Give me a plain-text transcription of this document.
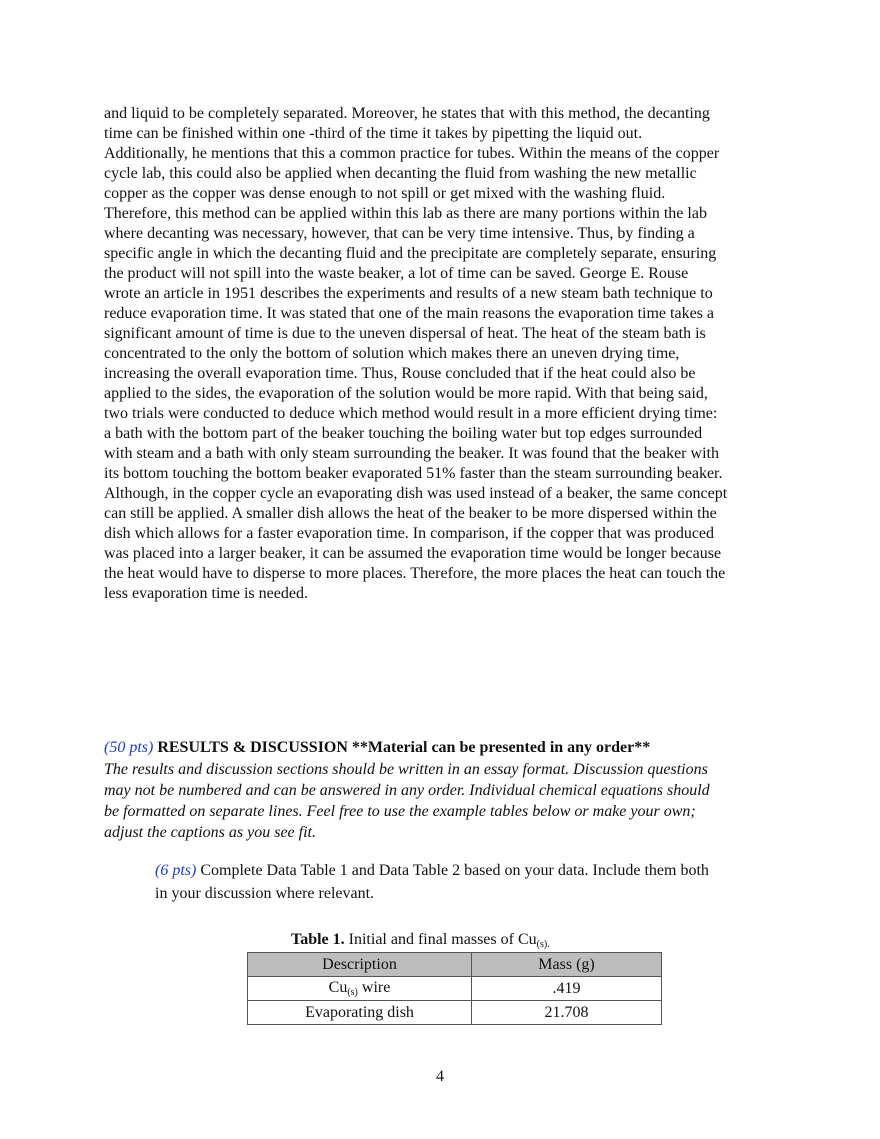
and liquid to be completely separated. Moreover, he states that with this method, the decanting
time can be finished within one -third of the time it takes by pipetting the liquid out.
Additionally, he mentions that this a common practice for tubes. Within the means of the copper
cycle lab, this could also be applied when decanting the fluid from washing the new metallic
copper as the copper was dense enough to not spill or get mixed with the washing fluid.
Therefore, this method can be applied within this lab as there are many portions within the lab
where decanting was necessary, however, that can be very time intensive. Thus, by finding a
specific angle in which the decanting fluid and the precipitate are completely separate, ensuring
the product will not spill into the waste beaker, a lot of time can be saved. George E. Rouse
wrote an article in 1951 describes the experiments and results of a new steam bath technique to
reduce evaporation time. It was stated that one of the main reasons the evaporation time takes a
significant amount of time is due to the uneven dispersal of heat. The heat of the steam bath is
concentrated to the only the bottom of solution which makes there an uneven drying time,
increasing the overall evaporation time. Thus, Rouse concluded that if the heat could also be
applied to the sides, the evaporation of the solution would be more rapid. With that being said,
two trials were conducted to deduce which method would result in a more efficient drying time:
a bath with the bottom part of the beaker touching the boiling water but top edges surrounded
with steam and a bath with only steam surrounding the beaker. It was found that the beaker with
its bottom touching the bottom beaker evaporated 51% faster than the steam surrounding beaker.
Although, in the copper cycle an evaporating dish was used instead of a beaker, the same concept
can still be applied. A smaller dish allows the heat of the beaker to be more dispersed within the
dish which allows for a faster evaporation time. In comparison, if the copper that was produced
was placed into a larger beaker, it can be assumed the evaporation time would be longer because
the heat would have to disperse to more places. Therefore, the more places the heat can touch the
less evaporation time is needed.

(50 pts) RESULTS & DISCUSSION **Material can be presented in any order**
The results and discussion sections should be written in an essay format. Discussion questions
may not be numbered and can be answered in any order. Individual chemical equations should
be formatted on separate lines. Feel free to use the example tables below or make your own;
adjust the captions as you see fit.
(6 pts) Complete Data Table 1 and Data Table 2 based on your data. Include them both
in your discussion where relevant.
Table 1. Initial and final masses of $Cu_{(s).}$
Description	Mass (g)
$Cu_{(s)}$ wire	.419
Evaporating dish	21.708
4
